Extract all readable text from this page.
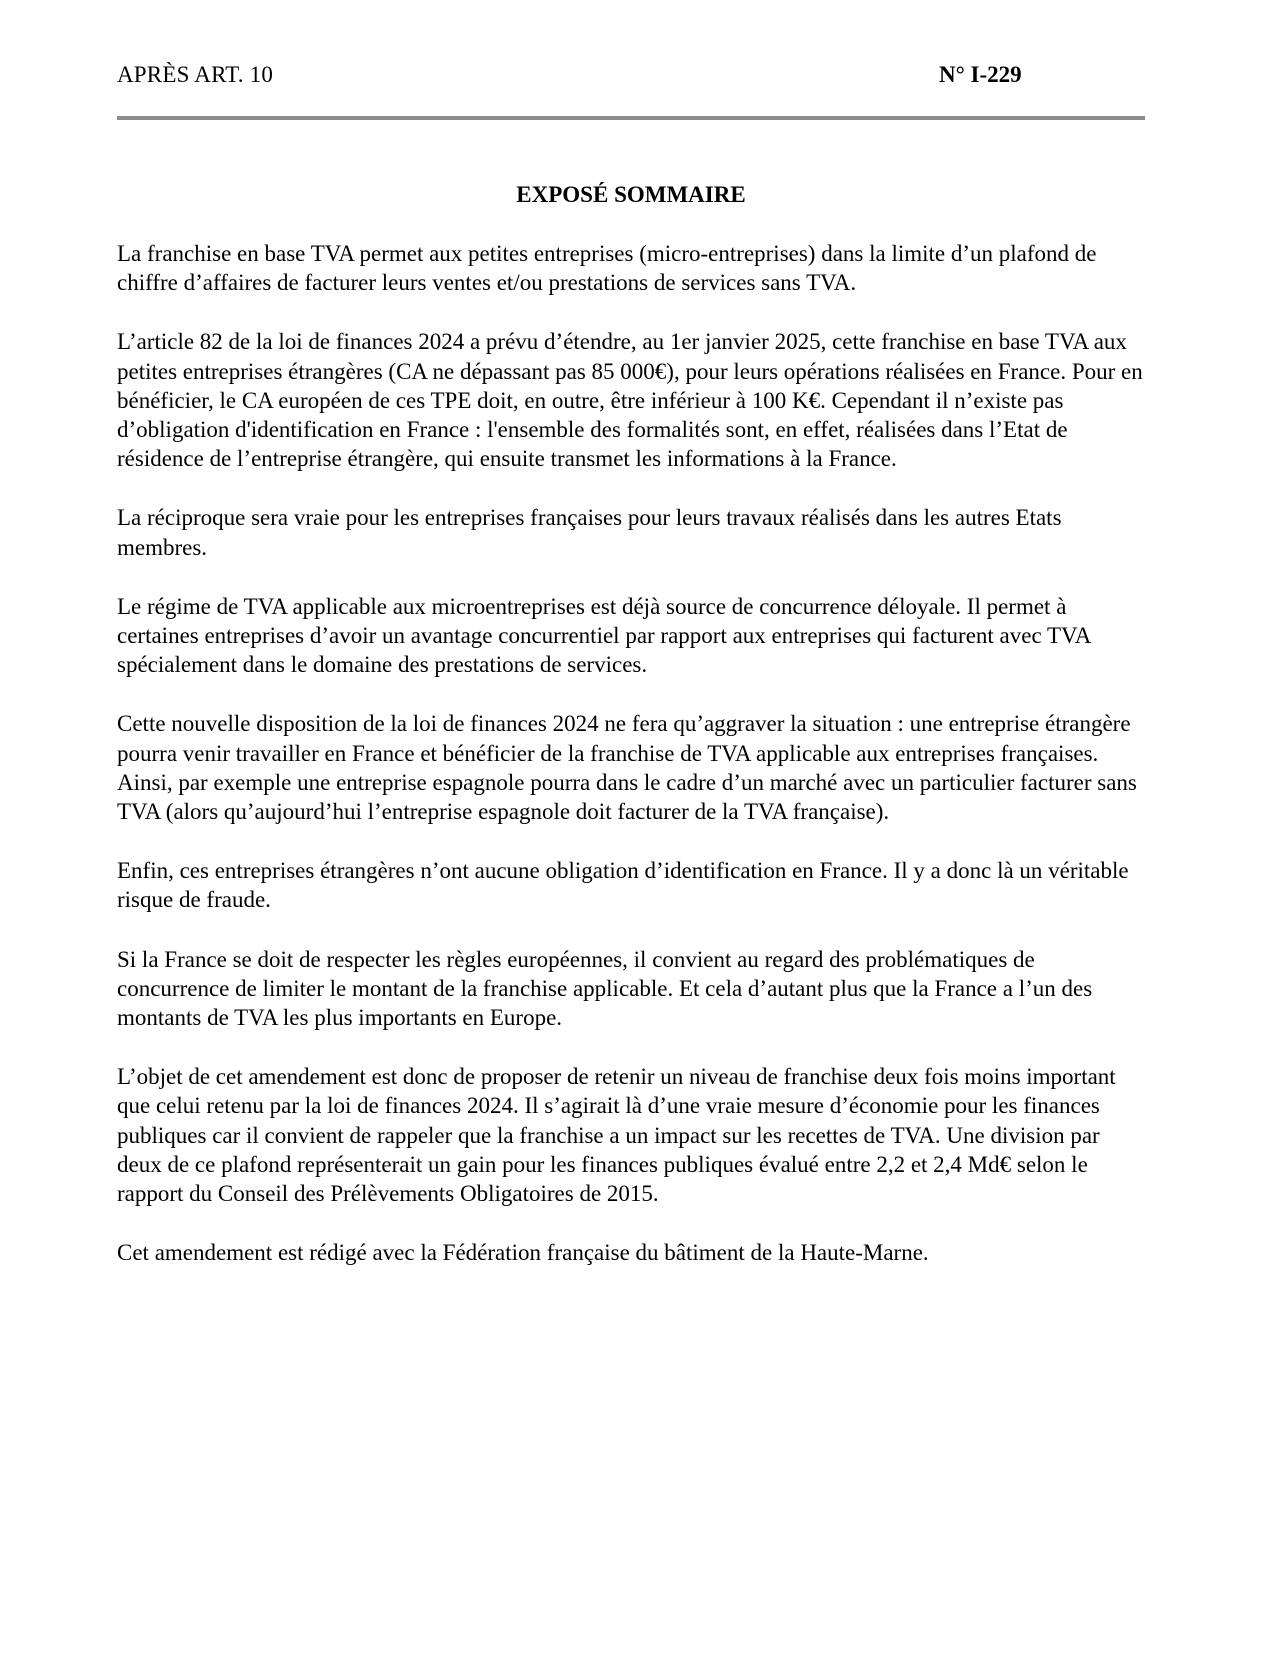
APRÈS ART. 10	N° I-229
EXPOSÉ SOMMAIRE

La franchise en base TVA permet aux petites entreprises (micro-entreprises) dans la limite d’un plafond de chiffre d’affaires de facturer leurs ventes et/ou prestations de services sans TVA.

L’article 82 de la loi de finances 2024 a prévu d’étendre, au 1er janvier 2025, cette franchise en base TVA aux petites entreprises étrangères (CA ne dépassant pas 85 000€), pour leurs opérations réalisées en France. Pour en bénéficier, le CA européen de ces TPE doit, en outre, être inférieur à 100 K€. Cependant il n’existe pas d’obligation d'identification en France : l'ensemble des formalités sont, en effet, réalisées dans l’Etat de résidence de l’entreprise étrangère, qui ensuite transmet les informations à la France.

La réciproque sera vraie pour les entreprises françaises pour leurs travaux réalisés dans les autres Etats membres.

Le régime de TVA applicable aux microentreprises est déjà source de concurrence déloyale. Il permet à certaines entreprises d’avoir un avantage concurrentiel par rapport aux entreprises qui facturent avec TVA spécialement dans le domaine des prestations de services.

Cette nouvelle disposition de la loi de finances 2024 ne fera qu’aggraver la situation : une entreprise étrangère pourra venir travailler en France et bénéficier de la franchise de TVA applicable aux entreprises françaises. Ainsi, par exemple une entreprise espagnole pourra dans le cadre d’un marché avec un particulier facturer sans TVA (alors qu’aujourd’hui l’entreprise espagnole doit facturer de la TVA française).

Enfin, ces entreprises étrangères n’ont aucune obligation d’identification en France. Il y a donc là un véritable risque de fraude.

Si la France se doit de respecter les règles européennes, il convient au regard des problématiques de concurrence de limiter le montant de la franchise applicable. Et cela d’autant plus que la France a l’un des montants de TVA les plus importants en Europe.

L’objet de cet amendement est donc de proposer de retenir un niveau de franchise deux fois moins important que celui retenu par la loi de finances 2024. Il s’agirait là d’une vraie mesure d’économie pour les finances publiques car il convient de rappeler que la franchise a un impact sur les recettes de TVA. Une division par deux de ce plafond représenterait un gain pour les finances publiques évalué entre 2,2 et 2,4 Md€ selon le rapport du Conseil des Prélèvements Obligatoires de 2015.

Cet amendement est rédigé avec la Fédération française du bâtiment de la Haute-Marne.
